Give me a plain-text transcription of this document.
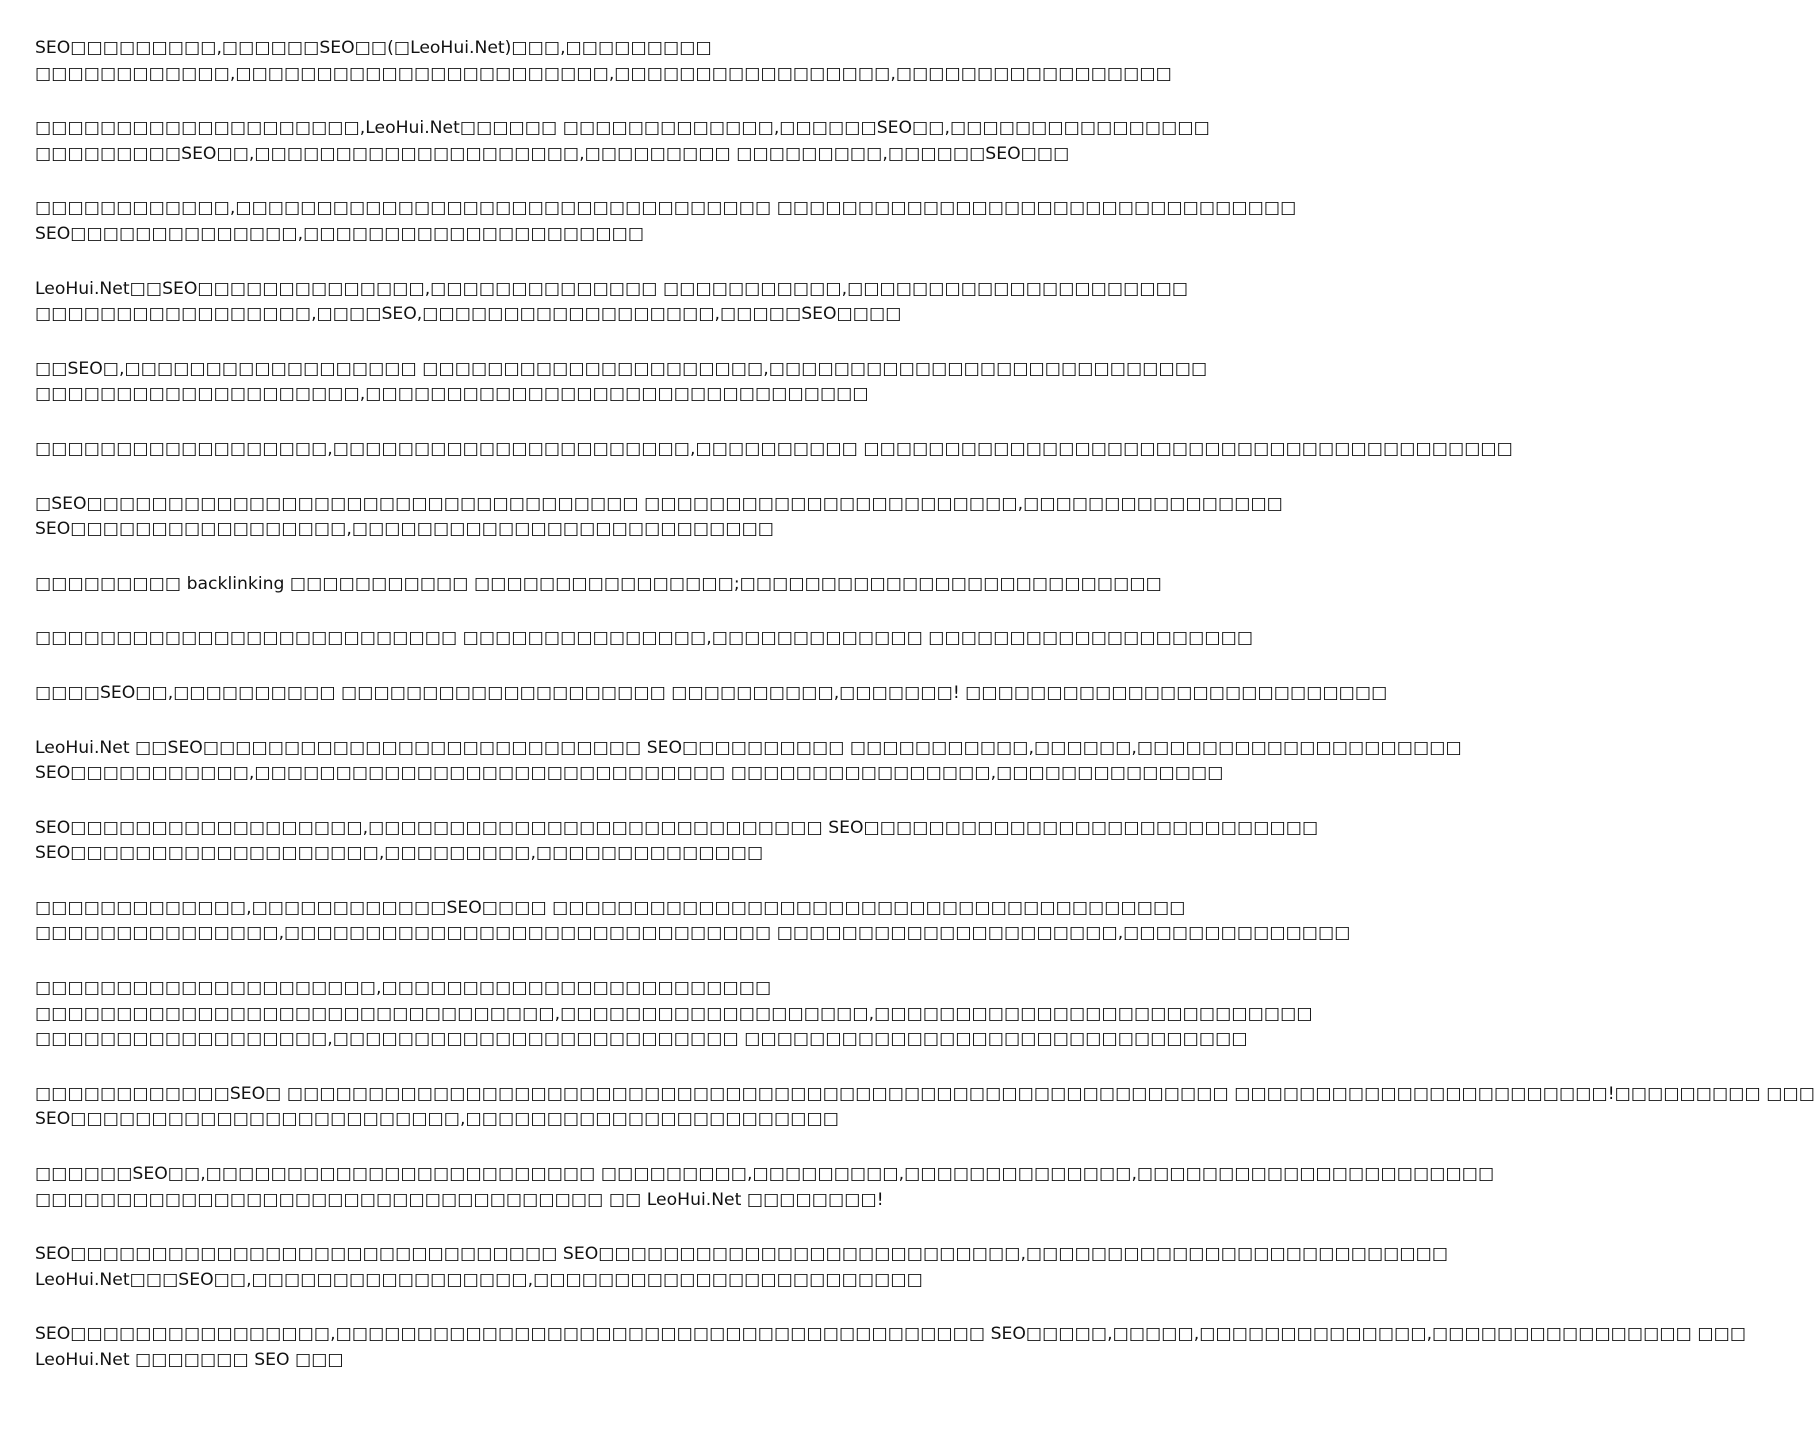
SEO□□□□□□□□□,□□□□□□SEO□□(□LeoHui.Net)□□□,□□□□□□□□□
□□□□□□□□□□□□,□□□□□□□□□□□□□□□□□□□□□□□,□□□□□□□□□□□□□□□□□,□□□□□□□□□□□□□□□□□
□□□□□□□□□□□□□□□□□□□□,LeoHui.Net□□□□□□ □□□□□□□□□□□□□,□□□□□□SEO□□,□□□□□□□□□□□□□□□□
□□□□□□□□□SEO□□,□□□□□□□□□□□□□□□□□□□□,□□□□□□□□□ □□□□□□□□□,□□□□□□SEO□□□
□□□□□□□□□□□□,□□□□□□□□□□□□□□□□□□□□□□□□□□□□□□□□□ □□□□□□□□□□□□□□□□□□□□□□□□□□□□□□□□
SEO□□□□□□□□□□□□□□,□□□□□□□□□□□□□□□□□□□□□
LeoHui.Net□□SEO□□□□□□□□□□□□□□,□□□□□□□□□□□□□□ □□□□□□□□□□□,□□□□□□□□□□□□□□□□□□□□□
□□□□□□□□□□□□□□□□□,□□□□SEO,□□□□□□□□□□□□□□□□□□,□□□□□SEO□□□□
□□SEO□,□□□□□□□□□□□□□□□□□□ □□□□□□□□□□□□□□□□□□□□□,□□□□□□□□□□□□□□□□□□□□□□□□□□□
□□□□□□□□□□□□□□□□□□□□,□□□□□□□□□□□□□□□□□□□□□□□□□□□□□□□
□□□□□□□□□□□□□□□□□□,□□□□□□□□□□□□□□□□□□□□□□,□□□□□□□□□□ □□□□□□□□□□□□□□□□□□□□□□□□□□□□□□□□□□□□□□□□
□SEO□□□□□□□□□□□□□□□□□□□□□□□□□□□□□□□□□□ □□□□□□□□□□□□□□□□□□□□□□□,□□□□□□□□□□□□□□□□
SEO□□□□□□□□□□□□□□□□□,□□□□□□□□□□□□□□□□□□□□□□□□□□
□□□□□□□□□ backlinking □□□□□□□□□□□ □□□□□□□□□□□□□□□□;□□□□□□□□□□□□□□□□□□□□□□□□□□
□□□□□□□□□□□□□□□□□□□□□□□□□□ □□□□□□□□□□□□□□□,□□□□□□□□□□□□□ □□□□□□□□□□□□□□□□□□□□
□□□□SEO□□,□□□□□□□□□□ □□□□□□□□□□□□□□□□□□□□ □□□□□□□□□□,□□□□□□□! □□□□□□□□□□□□□□□□□□□□□□□□□□
LeoHui.Net □□SEO□□□□□□□□□□□□□□□□□□□□□□□□□□□ SEO□□□□□□□□□□ □□□□□□□□□□□,□□□□□□,□□□□□□□□□□□□□□□□□□□□
SEO□□□□□□□□□□□,□□□□□□□□□□□□□□□□□□□□□□□□□□□□□ □□□□□□□□□□□□□□□□,□□□□□□□□□□□□□□
SEO□□□□□□□□□□□□□□□□□□,□□□□□□□□□□□□□□□□□□□□□□□□□□□□ SEO□□□□□□□□□□□□□□□□□□□□□□□□□□□□
SEO□□□□□□□□□□□□□□□□□□□,□□□□□□□□□,□□□□□□□□□□□□□□
□□□□□□□□□□□□□,□□□□□□□□□□□□SEO□□□□ □□□□□□□□□□□□□□□□□□□□□□□□□□□□□□□□□□□□□□□
□□□□□□□□□□□□□□□,□□□□□□□□□□□□□□□□□□□□□□□□□□□□□□ □□□□□□□□□□□□□□□□□□□□□,□□□□□□□□□□□□□□
□□□□□□□□□□□□□□□□□□□□□,□□□□□□□□□□□□□□□□□□□□□□□□
□□□□□□□□□□□□□□□□□□□□□□□□□□□□□□□□,□□□□□□□□□□□□□□□□□□□,□□□□□□□□□□□□□□□□□□□□□□□□□□□
□□□□□□□□□□□□□□□□□□,□□□□□□□□□□□□□□□□□□□□□□□□□ □□□□□□□□□□□□□□□□□□□□□□□□□□□□□□□
□□□□□□□□□□□□SEO□ □□□□□□□□□□□□□□□□□□□□□□□□□□□□□□□□□□□□□□□□□□□□□□□□□□□□□□□□□□ □□□□□□□□□□□□□□□□□□□□□□□!□□□□□□□□□ □□□
SEO□□□□□□□□□□□□□□□□□□□□□□□□,□□□□□□□□□□□□□□□□□□□□□□□
□□□□□□SEO□□,□□□□□□□□□□□□□□□□□□□□□□□□ □□□□□□□□□,□□□□□□□□□,□□□□□□□□□□□□□□,□□□□□□□□□□□□□□□□□□□□□□
□□□□□□□□□□□□□□□□□□□□□□□□□□□□□□□□□□□ □□ LeoHui.Net □□□□□□□□!
SEO□□□□□□□□□□□□□□□□□□□□□□□□□□□□□□ SEO□□□□□□□□□□□□□□□□□□□□□□□□□□,□□□□□□□□□□□□□□□□□□□□□□□□□□
LeoHui.Net□□□SEO□□,□□□□□□□□□□□□□□□□□,□□□□□□□□□□□□□□□□□□□□□□□□
SEO□□□□□□□□□□□□□□□□,□□□□□□□□□□□□□□□□□□□□□□□□□□□□□□□□□□□□□□□□ SEO□□□□□,□□□□□,□□□□□□□□□□□□□□,□□□□□□□□□□□□□□□□ □□□
LeoHui.Net □□□□□□□ SEO □□□
